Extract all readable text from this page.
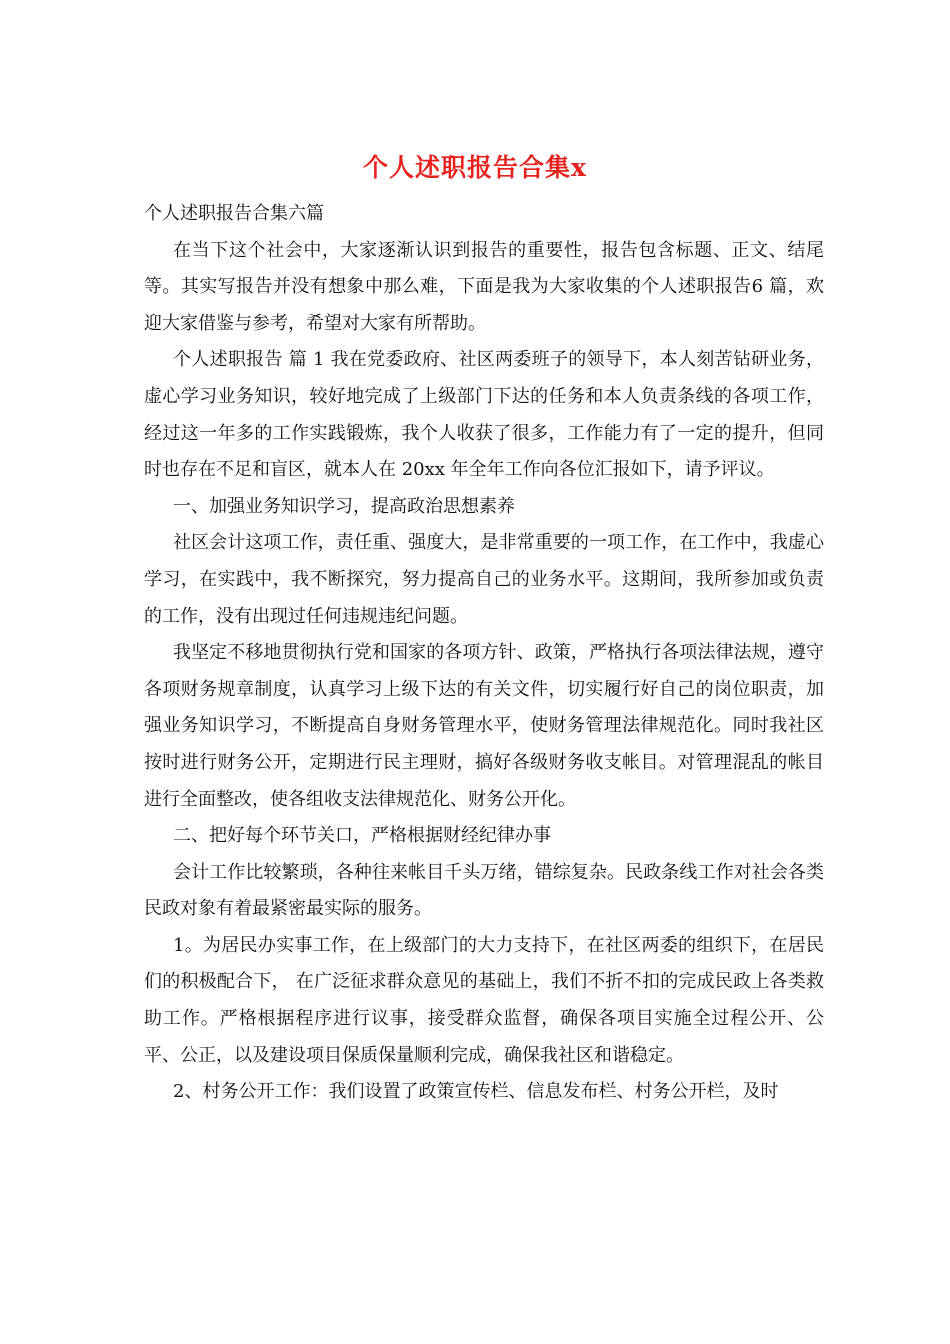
个人述职报告合集x

个人述职报告合集六篇

在当下这个社会中，大家逐渐认识到报告的重要性，报告包含标题、正文、结尾等。其实写报告并没有想象中那么难，下面是我为大家收集的个人述职报告6 篇，欢迎大家借鉴与参考，希望对大家有所帮助。

个人述职报告 篇 1 我在党委政府、社区两委班子的领导下，本人刻苦钻研业务，虚心学习业务知识，较好地完成了上级部门下达的任务和本人负责条线的各项工作，经过这一年多的工作实践锻炼，我个人收获了很多，工作能力有了一定的提升，但同时也存在不足和盲区，就本人在 20xx 年全年工作向各位汇报如下，请予评议。

一、加强业务知识学习，提高政治思想素养

社区会计这项工作，责任重、强度大，是非常重要的一项工作，在工作中，我虚心学习，在实践中，我不断探究，努力提高自己的业务水平。这期间，我所参加或负责的工作，没有出现过任何违规违纪问题。

我坚定不移地贯彻执行党和国家的各项方针、政策，严格执行各项法律法规，遵守各项财务规章制度，认真学习上级下达的有关文件，切实履行好自己的岗位职责，加强业务知识学习，不断提高自身财务管理水平，使财务管理法律规范化。同时我社区按时进行财务公开，定期进行民主理财，搞好各级财务收支帐目。对管理混乱的帐目进行全面整改，使各组收支法律规范化、财务公开化。

二、把好每个环节关口，严格根据财经纪律办事

会计工作比较繁琐，各种往来帐目千头万绪，错综复杂。民政条线工作对社会各类民政对象有着最紧密最实际的服务。

1。为居民办实事工作，在上级部门的大力支持下，在社区两委的组织下，在居民们的积极配合下， 在广泛征求群众意见的基础上，我们不折不扣的完成民政上各类救助工作。严格根据程序进行议事，接受群众监督，确保各项目实施全过程公开、公平、公正，以及建设项目保质保量顺利完成，确保我社区和谐稳定。

2、村务公开工作：我们设置了政策宣传栏、信息发布栏、村务公开栏，及时
